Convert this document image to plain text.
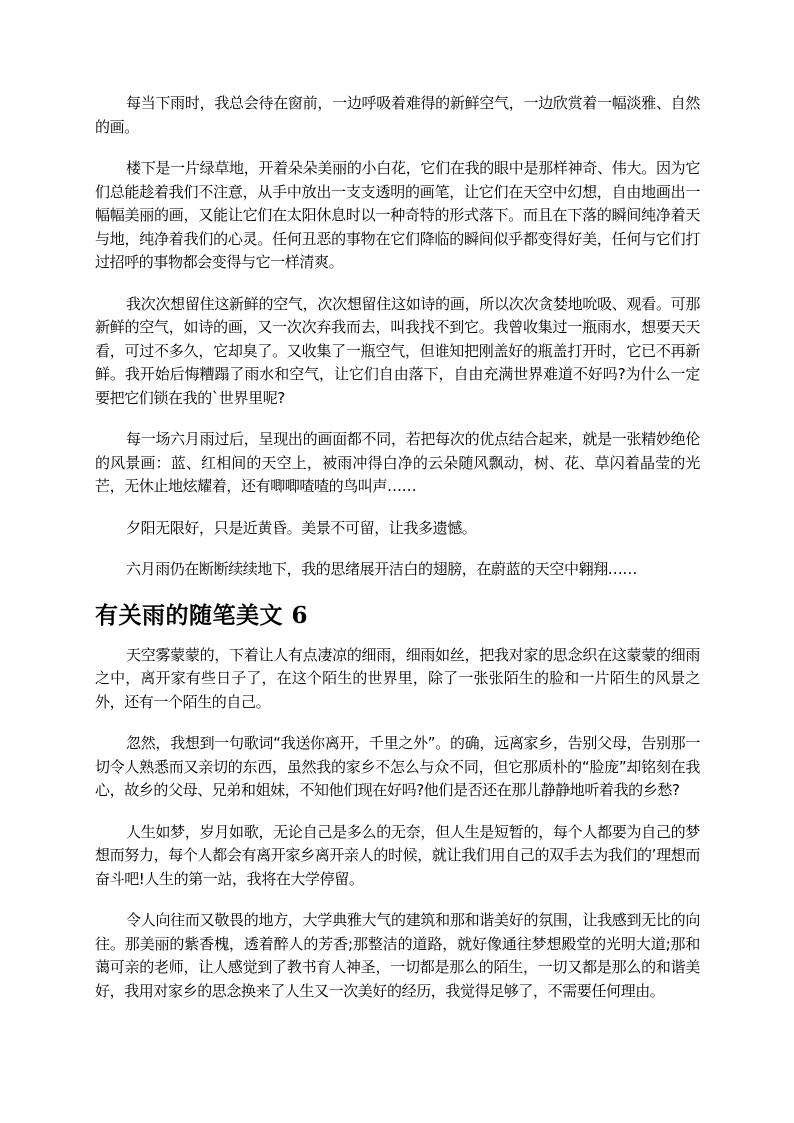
每当下雨时，我总会待在窗前，一边呼吸着难得的新鲜空气，一边欣赏着一幅淡雅、自然的画。

楼下是一片绿草地，开着朵朵美丽的小白花，它们在我的眼中是那样神奇、伟大。因为它们总能趁着我们不注意，从手中放出一支支透明的画笔，让它们在天空中幻想，自由地画出一幅幅美丽的画，又能让它们在太阳休息时以一种奇特的形式落下。而且在下落的瞬间纯净着天与地，纯净着我们的心灵。任何丑恶的事物在它们降临的瞬间似乎都变得好美，任何与它们打过招呼的事物都会变得与它一样清爽。

我次次想留住这新鲜的空气，次次想留住这如诗的画，所以次次贪婪地吮吸、观看。可那新鲜的空气，如诗的画，又一次次弃我而去，叫我找不到它。我曾收集过一瓶雨水，想要天天看，可过不多久，它却臭了。又收集了一瓶空气，但谁知把刚盖好的瓶盖打开时，它已不再新鲜。我开始后悔糟蹋了雨水和空气，让它们自由落下，自由充满世界难道不好吗?为什么一定要把它们锁在我的`世界里呢?

每一场六月雨过后，呈现出的画面都不同，若把每次的优点结合起来，就是一张精妙绝伦的风景画：蓝、红相间的天空上，被雨冲得白净的云朵随风飘动，树、花、草闪着晶莹的光芒，无休止地炫耀着，还有唧唧喳喳的鸟叫声……

夕阳无限好，只是近黄昏。美景不可留，让我多遗憾。

六月雨仍在断断续续地下，我的思绪展开洁白的翅膀，在蔚蓝的天空中翱翔……

有关雨的随笔美文 6

天空雾蒙蒙的，下着让人有点凄凉的细雨，细雨如丝，把我对家的思念织在这蒙蒙的细雨之中，离开家有些日子了，在这个陌生的世界里，除了一张张陌生的脸和一片陌生的风景之外，还有一个陌生的自己。

忽然，我想到一句歌词“我送你离开，千里之外”。的确，远离家乡，告别父母，告别那一切令人熟悉而又亲切的东西，虽然我的家乡不怎么与众不同，但它那质朴的“脸庞”却铭刻在我心，故乡的父母、兄弟和姐妹，不知他们现在好吗?他们是否还在那儿静静地听着我的乡愁?

人生如梦，岁月如歌，无论自己是多么的无奈，但人生是短暂的，每个人都要为自己的梦想而努力，每个人都会有离开家乡离开亲人的时候，就让我们用自己的双手去为我们的’理想而奋斗吧!人生的第一站，我将在大学停留。

令人向往而又敬畏的地方，大学典雅大气的建筑和那和谐美好的氛围，让我感到无比的向往。那美丽的紫香槐，透着醉人的芳香;那整洁的道路，就好像通往梦想殿堂的光明大道;那和蔼可亲的老师，让人感觉到了教书育人神圣，一切都是那么的陌生，一切又都是那么的和谐美好，我用对家乡的思念换来了人生又一次美好的经历，我觉得足够了，不需要任何理由。
